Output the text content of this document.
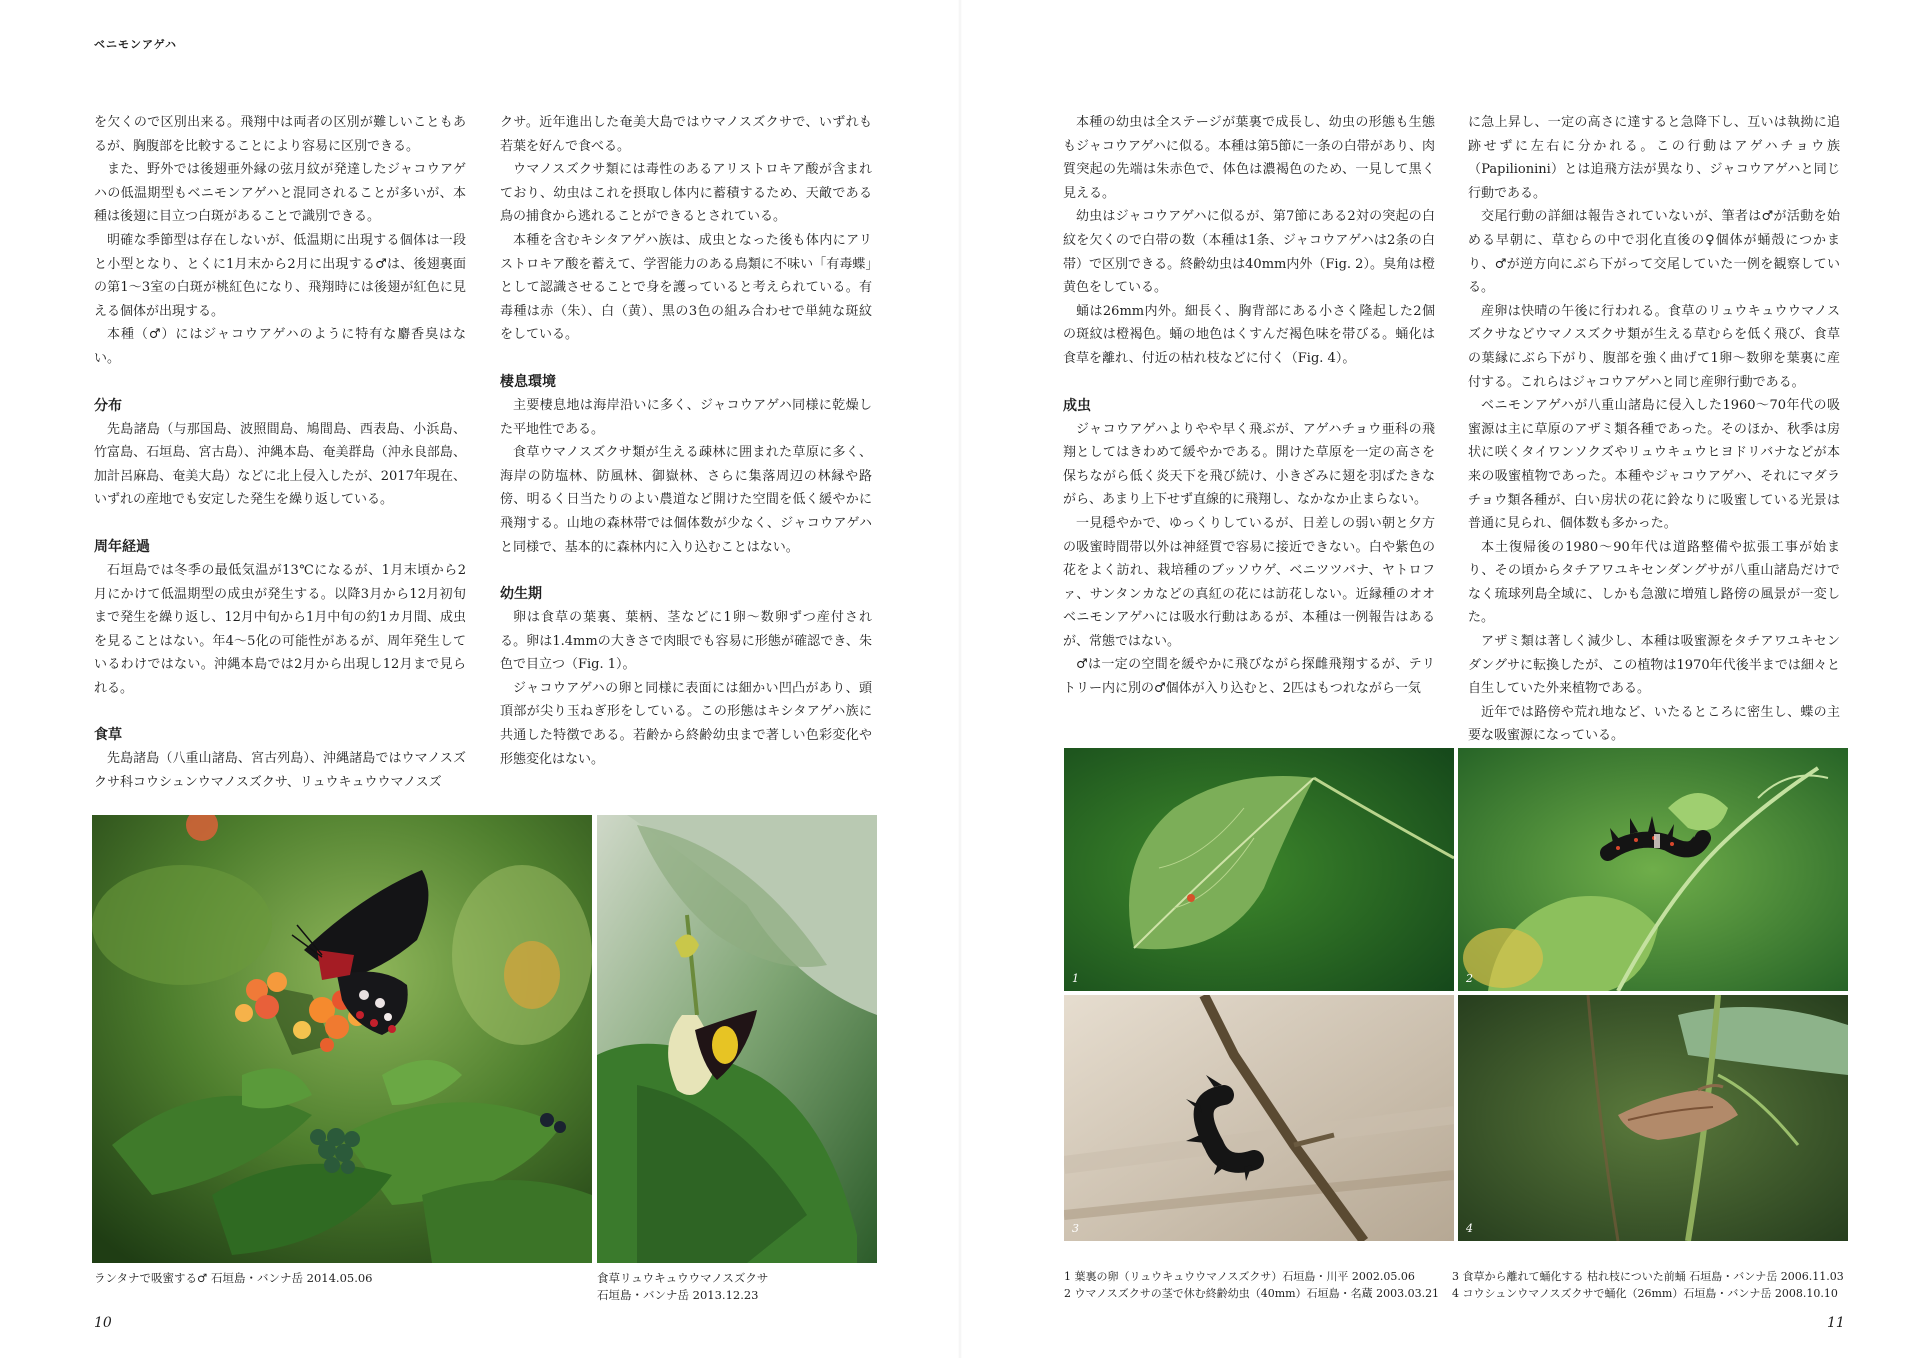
ベニモンアゲハ

を欠くので区別出来る。飛翔中は両者の区別が難しいこともあるが、胸腹部を比較することにより容易に区別できる。

また、野外では後翅亜外縁の弦月紋が発達したジャコウアゲハの低温期型もベニモンアゲハと混同されることが多いが、本種は後翅に目立つ白斑があることで識別できる。

明確な季節型は存在しないが、低温期に出現する個体は一段と小型となり、とくに1月末から2月に出現する♂は、後翅裏面の第1〜3室の白斑が桃紅色になり、飛翔時には後翅が紅色に見える個体が出現する。

本種（♂）にはジャコウアゲハのように特有な麝香臭はない。

分布

先島諸島（与那国島、波照間島、鳩間島、西表島、小浜島、竹富島、石垣島、宮古島）、沖縄本島、奄美群島（沖永良部島、加計呂麻島、奄美大島）などに北上侵入したが、2017年現在、いずれの産地でも安定した発生を繰り返している。

周年経過

石垣島では冬季の最低気温が13℃になるが、1月末頃から2月にかけて低温期型の成虫が発生する。以降3月から12月初旬まで発生を繰り返し、12月中旬から1月中旬の約1カ月間、成虫を見ることはない。年4〜5化の可能性があるが、周年発生しているわけではない。沖縄本島では2月から出現し12月まで見られる。

食草

先島諸島（八重山諸島、宮古列島）、沖縄諸島ではウマノスズクサ科コウシュンウマノスズクサ、リュウキュウウマノスズ

クサ。近年進出した奄美大島ではウマノスズクサで、いずれも若葉を好んで食べる。

ウマノスズクサ類には毒性のあるアリストロキア酸が含まれており、幼虫はこれを摂取し体内に蓄積するため、天敵である鳥の捕食から逃れることができるとされている。

本種を含むキシタアゲハ族は、成虫となった後も体内にアリストロキア酸を蓄えて、学習能力のある鳥類に不味い「有毒蝶」として認識させることで身を護っていると考えられている。有毒種は赤（朱）、白（黄）、黒の3色の組み合わせで単純な斑紋をしている。

棲息環境

主要棲息地は海岸沿いに多く、ジャコウアゲハ同様に乾燥した平地性である。

食草ウマノスズクサ類が生える疎林に囲まれた草原に多く、海岸の防塩林、防風林、御嶽林、さらに集落周辺の林縁や路傍、明るく日当たりのよい農道など開けた空間を低く緩やかに飛翔する。山地の森林帯では個体数が少なく、ジャコウアゲハと同様で、基本的に森林内に入り込むことはない。

幼生期

卵は食草の葉裏、葉柄、茎などに1卵〜数卵ずつ産付される。卵は1.4mmの大きさで肉眼でも容易に形態が確認でき、朱色で目立つ（Fig. 1）。

ジャコウアゲハの卵と同様に表面には細かい凹凸があり、頭頂部が尖り玉ねぎ形をしている。この形態はキシタアゲハ族に共通した特徴である。若齢から終齢幼虫まで著しい色彩変化や形態変化はない。

ランタナで吸蜜する♂ 石垣島・バンナ岳 2014.05.06	食草リュウキュウウマノスズクサ
石垣島・バンナ岳 2013.12.23
10

本種の幼虫は全ステージが葉裏で成長し、幼虫の形態も生態もジャコウアゲハに似る。本種は第5節に一条の白帯があり、肉質突起の先端は朱赤色で、体色は濃褐色のため、一見して黒く見える。

幼虫はジャコウアゲハに似るが、第7節にある2対の突起の白紋を欠くので白帯の数（本種は1条、ジャコウアゲハは2条の白帯）で区別できる。終齢幼虫は40mm内外（Fig. 2）。臭角は橙黄色をしている。

蛹は26mm内外。細長く、胸背部にある小さく隆起した2個の斑紋は橙褐色。蛹の地色はくすんだ褐色味を帯びる。蛹化は食草を離れ、付近の枯れ枝などに付く（Fig. 4）。

成虫

ジャコウアゲハよりやや早く飛ぶが、アゲハチョウ亜科の飛翔としてはきわめて緩やかである。開けた草原を一定の高さを保ちながら低く炎天下を飛び続け、小きざみに翅を羽ばたきながら、あまり上下せず直線的に飛翔し、なかなか止まらない。

一見穏やかで、ゆっくりしているが、日差しの弱い朝と夕方の吸蜜時間帯以外は神経質で容易に接近できない。白や紫色の花をよく訪れ、栽培種のブッソウゲ、ベニツツバナ、ヤトロファ、サンタンカなどの真紅の花には訪花しない。近縁種のオオベニモンアゲハには吸水行動はあるが、本種は一例報告はあるが、常態ではない。

♂は一定の空間を緩やかに飛びながら探雌飛翔するが、テリトリー内に別の♂個体が入り込むと、2匹はもつれながら一気

に急上昇し、一定の高さに達すると急降下し、互いは執拗に追跡せずに左右に分かれる。この行動はアゲハチョウ族（Papilionini）とは追飛方法が異なり、ジャコウアゲハと同じ行動である。

交尾行動の詳細は報告されていないが、筆者は♂が活動を始める早朝に、草むらの中で羽化直後の♀個体が蛹殻につかまり、♂が逆方向にぶら下がって交尾していた一例を観察している。

産卵は快晴の午後に行われる。食草のリュウキュウウマノスズクサなどウマノスズクサ類が生える草むらを低く飛び、食草の葉縁にぶら下がり、腹部を強く曲げて1卵〜数卵を葉裏に産付する。これらはジャコウアゲハと同じ産卵行動である。

ベニモンアゲハが八重山諸島に侵入した1960〜70年代の吸蜜源は主に草原のアザミ類各種であった。そのほか、秋季は房状に咲くタイワンソクズやリュウキュウヒヨドリバナなどが本来の吸蜜植物であった。本種やジャコウアゲハ、それにマダラチョウ類各種が、白い房状の花に鈴なりに吸蜜している光景は普通に見られ、個体数も多かった。

本土復帰後の1980〜90年代は道路整備や拡張工事が始まり、その頃からタチアワユキセンダングサが八重山諸島だけでなく琉球列島全域に、しかも急激に増殖し路傍の風景が一変した。

アザミ類は著しく減少し、本種は吸蜜源をタチアワユキセンダングサに転換したが、この植物は1970年代後半までは細々と自生していた外来植物である。

近年では路傍や荒れ地など、いたるところに密生し、蝶の主要な吸蜜源になっている。

1	2
3	4
1 葉裏の卵（リュウキュウウマノスズクサ）石垣島・川平 2002.05.06
2 ウマノスズクサの茎で休む終齢幼虫（40mm）石垣島・名蔵 2003.03.21
3 食草から離れて蛹化する 枯れ枝についた前蛹 石垣島・バンナ岳 2006.11.03
4 コウシュンウマノスズクサで蛹化（26mm）石垣島・バンナ岳 2008.10.10
11
